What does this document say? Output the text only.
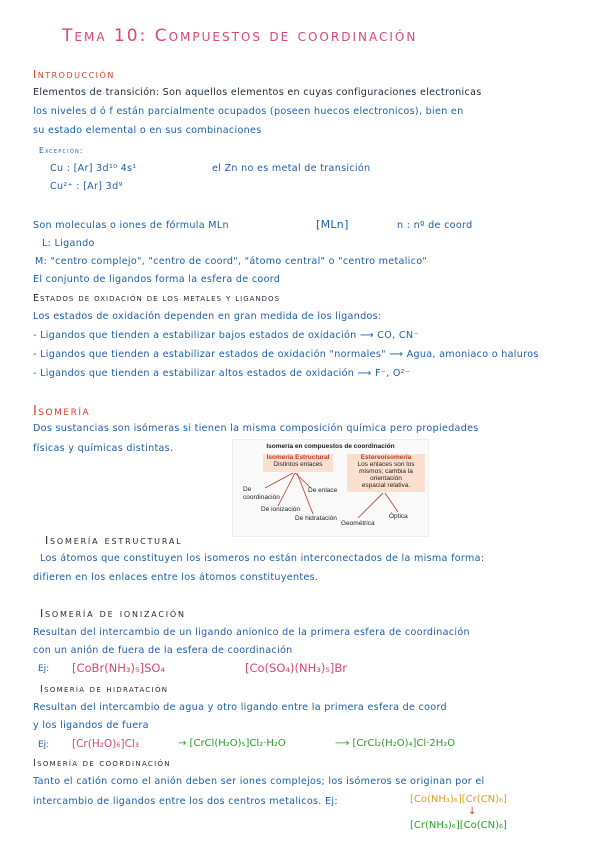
Tema 10: Compuestos de coordinación
Introducción
Elementos de transición: Son aquellos elementos en cuyas configuraciones electronicas
los niveles d ó f están parcialmente ocupados (poseen huecos electronicos), bien en
su estado elemental o en sus combinaciones
Excepción:
Cu : [Ar] 3d¹⁰ 4s¹	el Zn no es metal de transición
Cu²⁺ : [Ar] 3d⁹
Son moleculas o iones de fórmula MLn	[MLn]	n : nº de coord
L: Ligando
M: "centro complejo", "centro de coord", "átomo central" o "centro metalico"
El conjunto de ligandos forma la esfera de coord
Estados de oxidación de los metales y ligandos
Los estados de oxidación dependen en gran medida de los ligandos:
- Ligandos que tienden a estabilizar bajos estados de oxidación ⟶ CO, CN⁻
- Ligandos que tienden a estabilizar estados de oxidación "normales" ⟶ Agua, amoniaco o haluros
- Ligandos que tienden a estabilizar altos estados de oxidación ⟶ F⁻, O²⁻
Isomería
Dos sustancias son isómeras si tienen la misma composición química pero propiedades
físicas y químicas distintas.	Isomería en compuestos de coordinación
Isomería Estructural
Distintos enlaces
Estereoisomería
Los enlaces son los
mismos; cambia la
orientación
espacial relativa.
De
coordinación
De enlace
De ionización
De hidratación
Geométrica
Óptica
Isomería estructural
Los átomos que constituyen los isomeros no están interconectados de la misma forma:
difieren en los enlaces entre los átomos constituyentes.
Isomería de ionización
Resultan del intercambio de un ligando anionico de la primera esfera de coordinación
con un anión de fuera de la esfera de coordinación
Ej: [CoBr(NH₃)₅]SO₄	[Co(SO₄)(NH₃)₅]Br
Isomería de hidratación
Resultan del intercambio de agua y otro ligando entre la primera esfera de coord
y los ligandos de fuera
Ej: [Cr(H₂O)₆]Cl₃	→ [CrCl(H₂O)₅]Cl₂·H₂O	⟶ [CrCl₂(H₂O)₄]Cl·2H₂O
Isomería de coordinación
Tanto el catión como el anión deben ser iones complejos; los isómeros se originan por el
intercambio de ligandos entre los dos centros metalicos. Ej:	[Co(NH₃)₆][Cr(CN)₆]
↓
[Cr(NH₃)₆][Co(CN)₆]
